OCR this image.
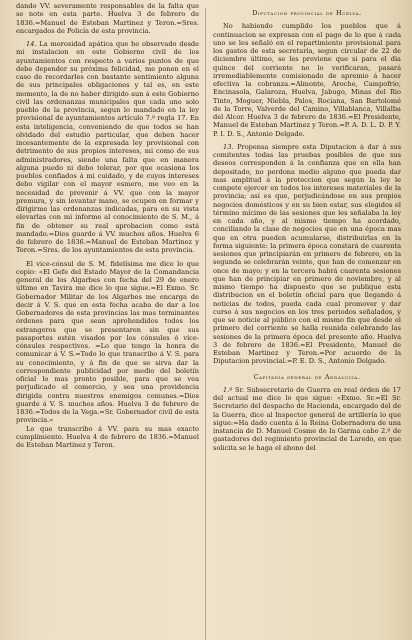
dando VV. severamente responsables de la falta que se note en esta parte. Huelva 3 de febrero de 1836.=Manuel de Esteban Martinez y Teron.=Sres. encargados de Policía de esta provincia.

14. La morosidad apática que he observado desde mi instalacion en este Gobierno civil de los ayuntamientos con respecto a varios puntos de que debe depender su próxima felicidad, me ponen en el caso de recordarles con bastante sentimiento alguna de sus principales obligaciones y tal es, en este momento, la de no haber dirigido aun á este Gobierno civil las ordenanzas municipales que cada uno solo pueblo de la provincia, segun lo mandado en la ley provisional de ayuntamientos artículo 7.º regla 17. En esta inteligencia, conveniendo de que todos se han olvidado del estudio particular, que deben hacer incesantemente de la expresada ley provisional con detrimento de sus propios intereses, mi como de sus administradores, siendo una falta que en manera alguna puedo ni debo tolerar, por que ocasiona los pueblos confiados á mi cuidado, y de cuyos intereses debo vigilar con el mayor esmero, me veo en la necesidad de prevenir á VV. que con la mayor premura, y sin levantar mano, se ocupen en formar y dirigirme las ordenanzas indicadas, para en su vista elevarlas con mi informe al conocimiento de S. M., á fin de obtener su real aprobacion como está mandado.=Dios guarde á VV. muchos años. Huelva 6 de febrero de 1836.=Manuel de Esteban Martinez y Teron.=Sres. de los ayuntamientos de esta provincia.

El vice-cónsul de S. M. fidelísima me dice lo que copio: «El Gefe del Estado Mayor de la Comandancia general de los Algarbes con fecha del 29 de enero último en Tavira me dice lo que sigue.=El Exmo. Sr. Gobernador Militar de los Algarbes me encarga de decir á V. S. que en esta fecha acaba de dar a los Gobernadores de esta provincias las mas terminantes órdenes para que sean aprehendidos todos los estrangeros que se presentaren sin que sus pasaportes estén visados por los cónsules ó vice-cónsules respectivos. =Lo que tengo la honra de comunicar á V. S.=Todo lo que transcribo á V. S. para su conocimiento, y á fin de que se sirva dar la correspondiente publicidad por medio del boletín oficial lo mas pronto posible, para que se vea perjudicado el comercio, y sea una providencia dirigida contra nuestros enemigos comunes.=Dios guarde á V. S. muchos años. Huelva 3 de febrero de 1836.=Todos de la Vega.=Sr. Gobernador civil de esta provincia.»

Lo que transcribo á VV. para su mas exacto cumplimiento. Huelva 4 de febrero de 1836.=Manuel de Esteban Martinez y Teron.

Diputacion provincial de Huelva.

No habiendo cumplido los pueblos que á continuacion se expresan con el pago de lo que á cada uno se les señaló en el repartimiento provisional para los gastos de esta secretaría, segun circular de 22 de diciembre último, se les previene que si para el dia quince del corriente no lo verificaran, pasará irremediablemente comisionado de apremio á hacer efectiva la cobranza.=Almonte, Aroche, Campofrio, Encinasola, Galaroza, Huelva, Jabugo, Minas del Rio Tinto, Moguer, Niebla, Palos, Rociana, San Bartolomé de la Torre, Valverde del Camino, Villablanca, Villalba del Alcor. Huelva 3 de febrero de 1836.=El Presidente, Manuel de Esteban Martinez y Teron.=P. A. D. L. D. P. Y. P. I. D. S., Antonio Delgado.

13. Propensa siempre esta Diputacion á dar á sus comitentes todas las pruebas posibles de que sus deseos corresponden á la confianza que en ella han depositado, no perdona medio alguno que pueda dar mas amplitud á la proteccion que según la ley le compete ejercer en todos los intereses materiales de la provincia; así es que, perjudicándose en sus propios negocios domésticos y en su bien estar, sus elegidos el término mícimo de las sesiones que les señalaba la ley en cada año, y al mismo tiempo ha acordado, conciliando la clase de negocios que en una época mas que en otra pueden acumularse, distribuirlas en la forma siguiente: la primera época constará de cuarenta sesiones que principiarán en primero de febrero, en la segunda se celebrarán veinte, que han de comenzar en once de mayo; y en la tercera habrá cuarenta sesiones que han de principiar en primero de noviembre, y al mismo tiempo ha dispuesto que se publique esta distribucion en el boletín oficial para que llegando á noticias de todos, pueda cada cual promover y dar curso á sus negocios en los tres periodos señalados, y que se noticie al público con el mismo fin que desde el primero del corriente se halla reunida celebrando las sesiones de la primera época del presente año. Huelva 3 de febrero de 1836.=El Presidente, Manuel de Esteban Martinez y Teron.=Por acuerdo de la Diputacion provincial.=P. E. D. S., Antonio Delgado.

Capitanía general de Andalucía.

1.º Sr. Subsecretario de Guerra en real órden de 17 del actual me dice lo que sigue: «Exmo. Sr.=El Sr. Secretario del despacho de Hacienda, encargado del de la Guerra, dice al Inspector general de artillería lo que sigue:=Ha dado cuenta á la Reina Gobernadora de una instancia de D. Manuel Cosme de la Garma cabo 2.º de gastadores del regimiento provincial de Laredo, en que solicita se le haga el abono del
